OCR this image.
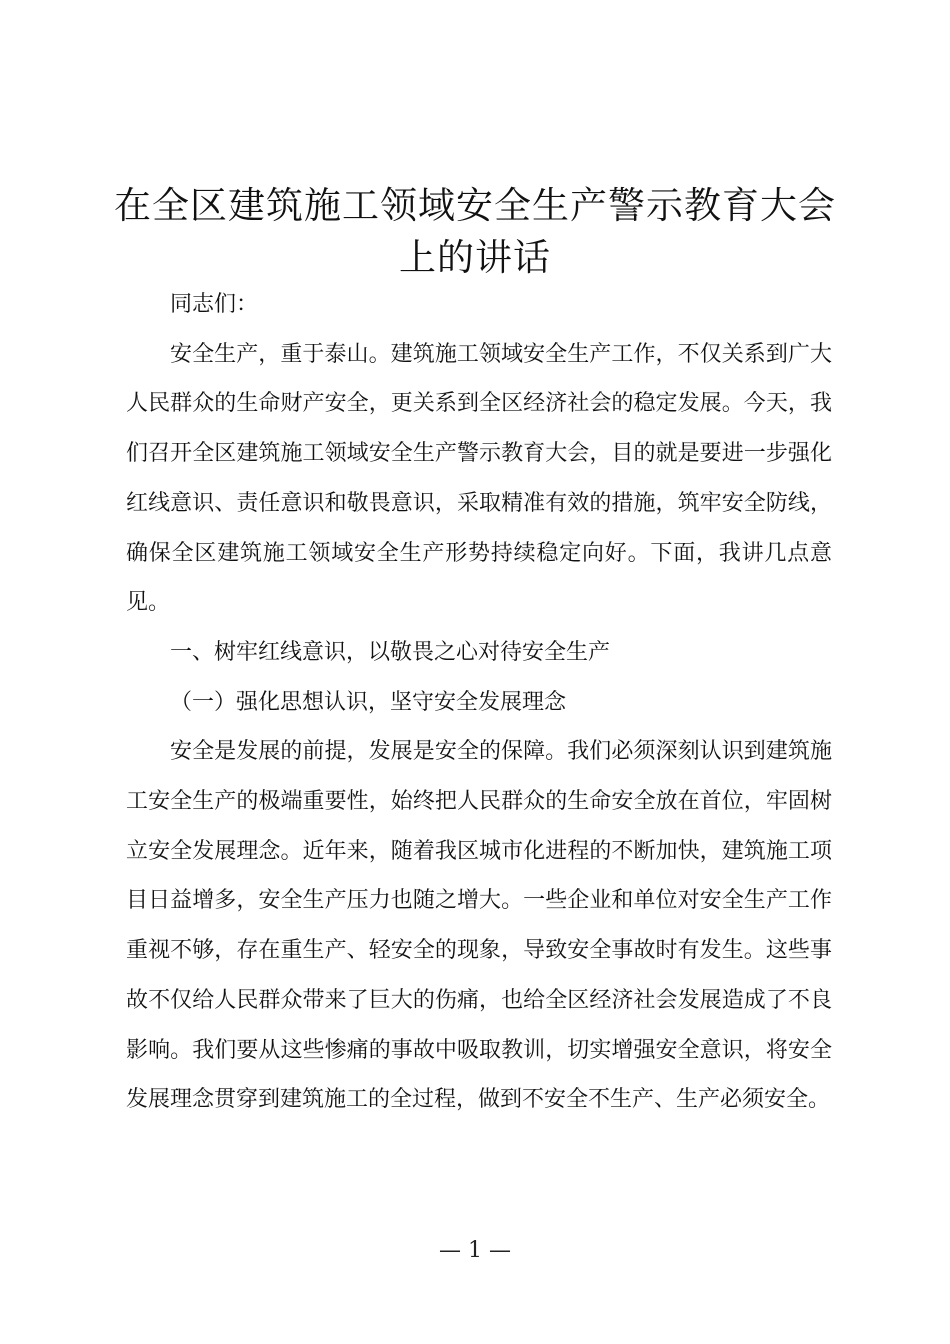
在全区建筑施工领域安全生产警示教育大会上的讲话

同志们：

安全生产，重于泰山。建筑施工领域安全生产工作，不仅关系到广大人民群众的生命财产安全，更关系到全区经济社会的稳定发展。今天，我们召开全区建筑施工领域安全生产警示教育大会，目的就是要进一步强化红线意识、责任意识和敬畏意识，采取精准有效的措施，筑牢安全防线，确保全区建筑施工领域安全生产形势持续稳定向好。下面，我讲几点意见。

一、树牢红线意识，以敬畏之心对待安全生产

（一）强化思想认识，坚守安全发展理念

安全是发展的前提，发展是安全的保障。我们必须深刻认识到建筑施工安全生产的极端重要性，始终把人民群众的生命安全放在首位，牢固树立安全发展理念。近年来，随着我区城市化进程的不断加快，建筑施工项目日益增多，安全生产压力也随之增大。一些企业和单位对安全生产工作重视不够，存在重生产、轻安全的现象，导致安全事故时有发生。这些事故不仅给人民群众带来了巨大的伤痛，也给全区经济社会发展造成了不良影响。我们要从这些惨痛的事故中吸取教训，切实增强安全意识，将安全发展理念贯穿到建筑施工的全过程，做到不安全不生产、生产必须安全。

— 1 —
